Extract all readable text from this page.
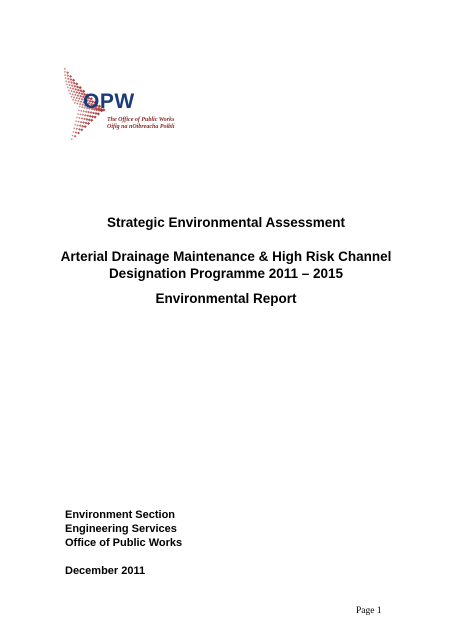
OPW
The Office of Public Works
Oifig na nOibreacha Poiblí
Strategic Environmental Assessment
Arterial Drainage Maintenance & High Risk Channel
Designation Programme 2011 – 2015
Environmental Report
Environment Section
Engineering Services
Office of Public Works
December 2011
Page 1
